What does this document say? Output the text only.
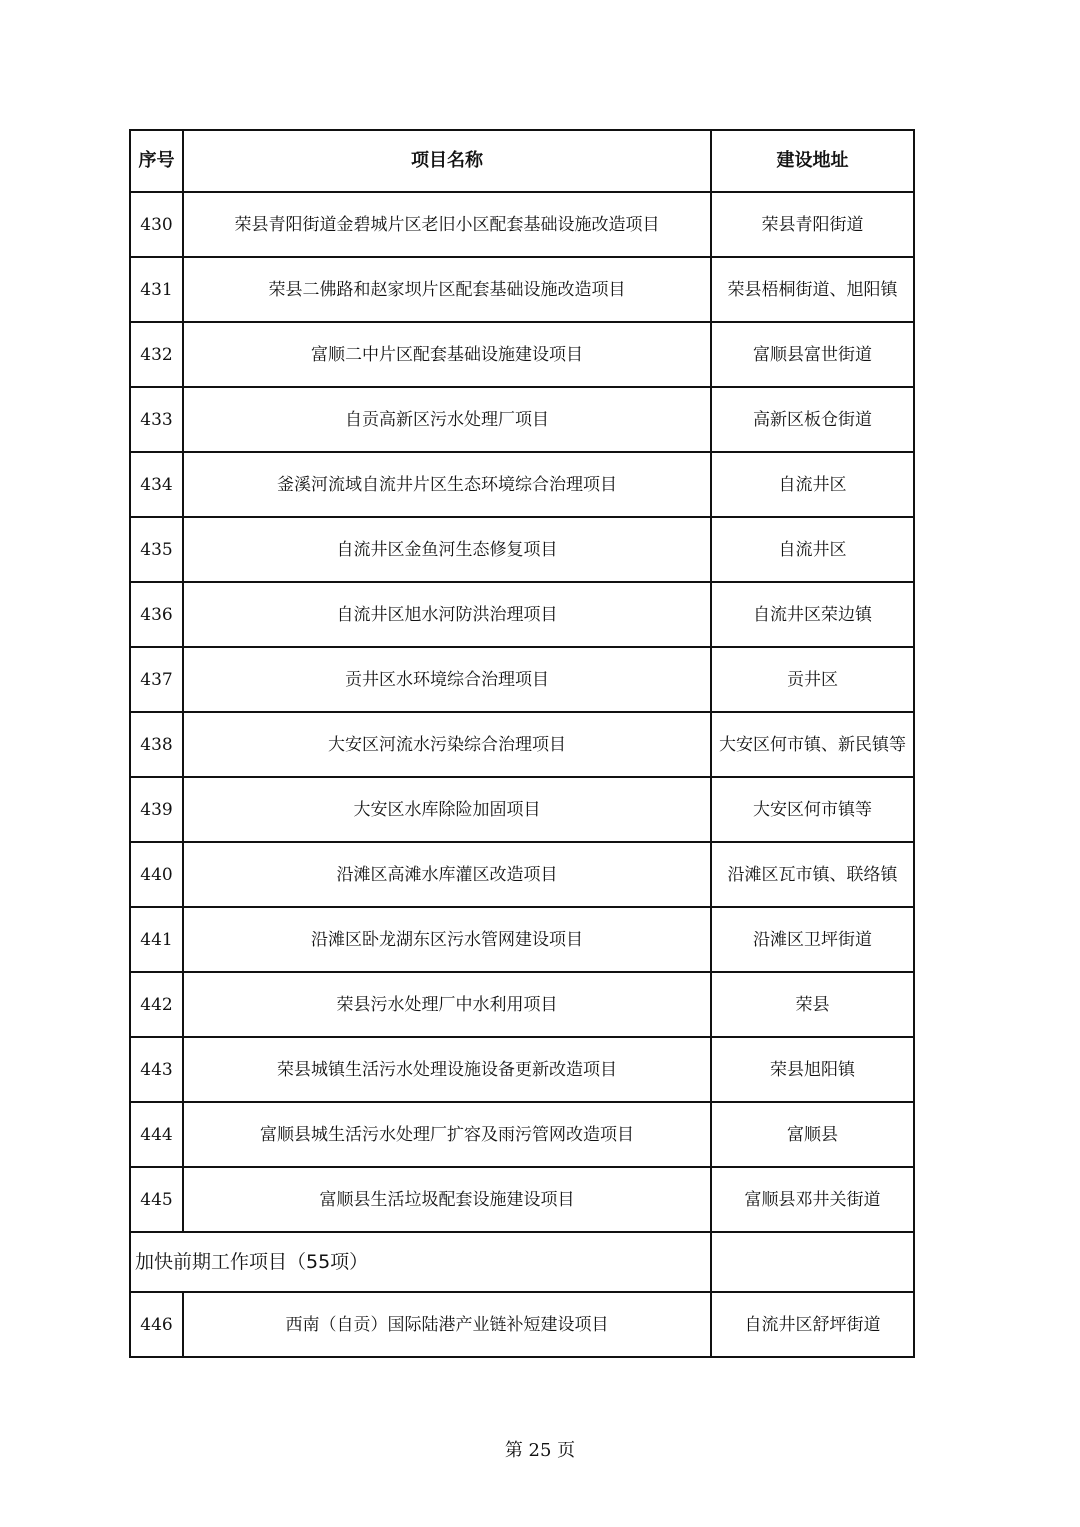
序号	项目名称	建设地址
430	荣县青阳街道金碧城片区老旧小区配套基础设施改造项目	荣县青阳街道
431	荣县二佛路和赵家坝片区配套基础设施改造项目	荣县梧桐街道、旭阳镇
432	富顺二中片区配套基础设施建设项目	富顺县富世街道
433	自贡高新区污水处理厂项目	高新区板仓街道
434	釜溪河流域自流井片区生态环境综合治理项目	自流井区
435	自流井区金鱼河生态修复项目	自流井区
436	自流井区旭水河防洪治理项目	自流井区荣边镇
437	贡井区水环境综合治理项目	贡井区
438	大安区河流水污染综合治理项目	大安区何市镇、新民镇等
439	大安区水库除险加固项目	大安区何市镇等
440	沿滩区高滩水库灌区改造项目	沿滩区瓦市镇、联络镇
441	沿滩区卧龙湖东区污水管网建设项目	沿滩区卫坪街道
442	荣县污水处理厂中水利用项目	荣县
443	荣县城镇生活污水处理设施设备更新改造项目	荣县旭阳镇
444	富顺县城生活污水处理厂扩容及雨污管网改造项目	富顺县
445	富顺县生活垃圾配套设施建设项目	富顺县邓井关街道
加快前期工作项目（55项）		
446	西南（自贡）国际陆港产业链补短建设项目	自流井区舒坪街道
第 25 页
